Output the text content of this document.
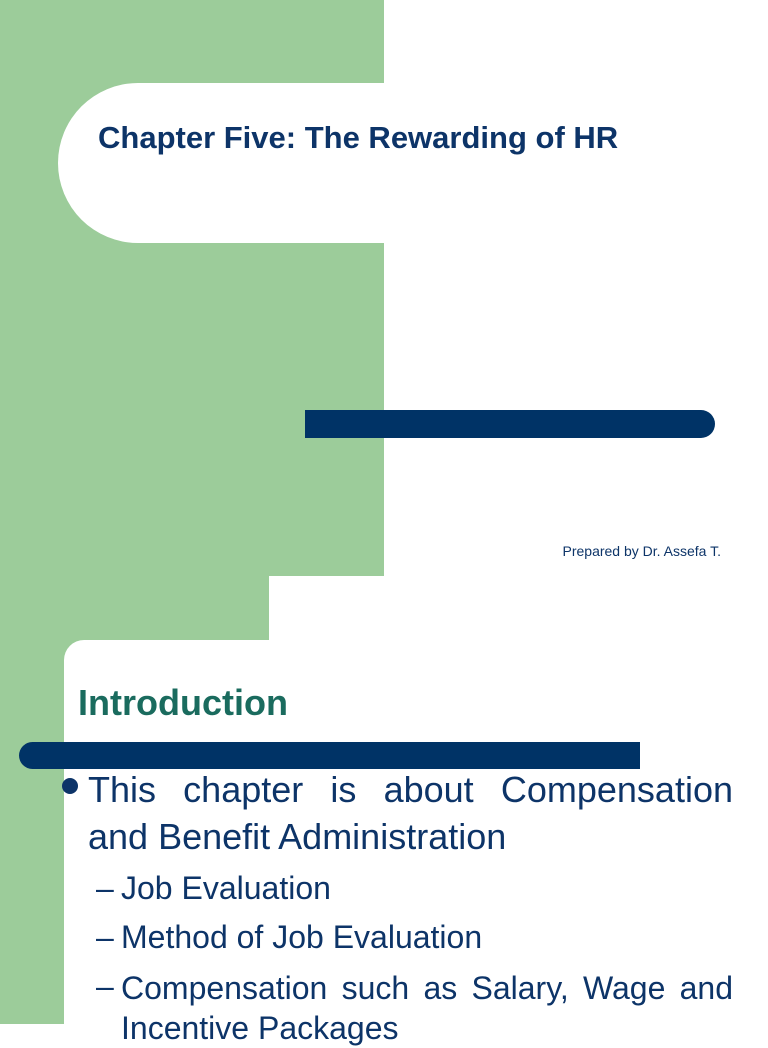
Chapter Five: The Rewarding of HR

Prepared by Dr. Assefa T.

Introduction

This chapter is about Compensation and Benefit Administration

– Job Evaluation
– Method of Job Evaluation
– Compensation such as Salary, Wage and Incentive Packages
